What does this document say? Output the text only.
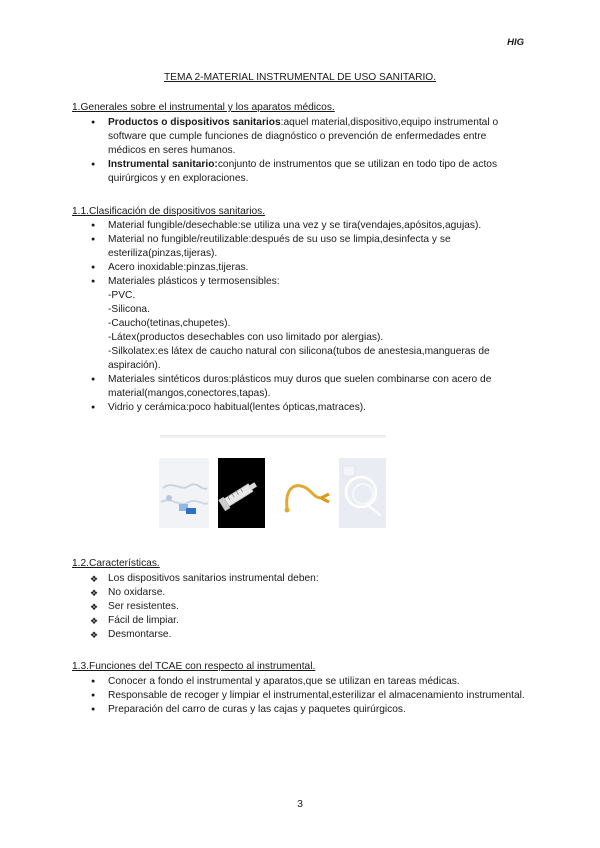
HIG
TEMA 2-MATERIAL INSTRUMENTAL DE USO SANITARIO.
1.Generales sobre el instrumental y los aparatos médicos.
● Productos o dispositivos sanitarios:aquel material,dispositivo,equipo instrumental o software que cumple funciones de diagnóstico o prevención de enfermedades entre médicos en seres humanos.
● Instrumental sanitario:conjunto de instrumentos que se utilizan en todo tipo de actos quirúrgicos y en exploraciones.
1.1.Clasificación de dispositivos sanitarios.
● Material fungible/desechable:se utiliza una vez y se tira(vendajes,apósitos,agujas).
● Material no fungible/reutilizable:después de su uso se limpia,desinfecta y se esteriliza(pinzas,tijeras).
● Acero inoxidable:pinzas,tijeras.
● Materiales plásticos y termosensibles:
-PVC.
-Silicona.
-Caucho(tetinas,chupetes).
-Látex(productos desechables con uso limitado por alergias).
-Silkolatex:es látex de caucho natural con silicona(tubos de anestesia,mangueras de aspiración).
● Materiales sintéticos duros:plásticos muy duros que suelen combinarse con acero de material(mangos,conectores,tapas).
● Vidrio y cerámica:poco habitual(lentes ópticas,matraces).
1.2.Características.
❖ Los dispositivos sanitarios instrumental deben:
❖ No oxidarse.
❖ Ser resistentes.
❖ Fácil de limpiar.
❖ Desmontarse.
1.3.Funciones del TCAE con respecto al instrumental.
● Conocer a fondo el instrumental y aparatos,que se utilizan en tareas médicas.
● Responsable de recoger y limpiar el instrumental,esterilizar el almacenamiento instrumental.
● Preparación del carro de curas y las cajas y paquetes quirúrgicos.
3
